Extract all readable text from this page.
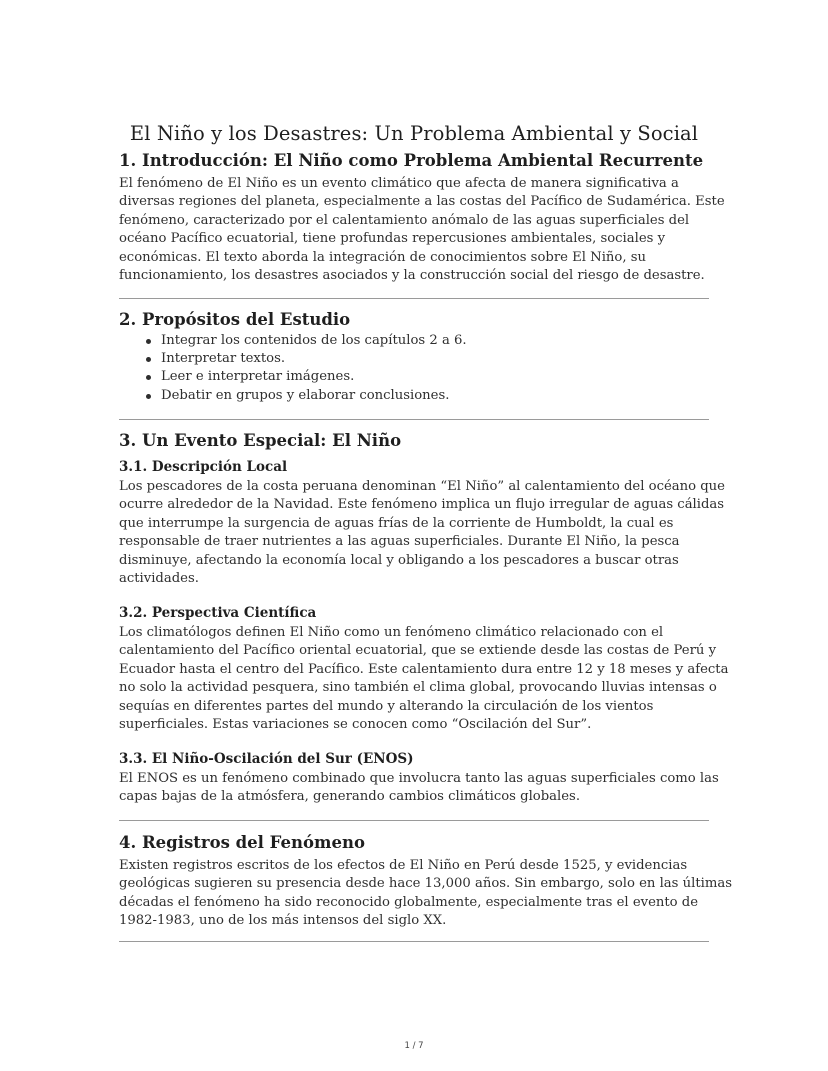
El Niño y los Desastres: Un Problema Ambiental y Social
1. Introducción: El Niño como Problema Ambiental Recurrente

El fenómeno de El Niño es un evento climático que afecta de manera significativa a

diversas regiones del planeta, especialmente a las costas del Pacífico de Sudamérica. Este

fenómeno, caracterizado por el calentamiento anómalo de las aguas superficiales del

océano Pacífico ecuatorial, tiene profundas repercusiones ambientales, sociales y

económicas. El texto aborda la integración de conocimientos sobre El Niño, su

funcionamiento, los desastres asociados y la construcción social del riesgo de desastre.

2. Propósitos del Estudio
Integrar los contenidos de los capítulos 2 a 6.
Interpretar textos.
Leer e interpretar imágenes.
Debatir en grupos y elaborar conclusiones.
3. Un Evento Especial: El Niño
3.1. Descripción Local

Los pescadores de la costa peruana denominan “El Niño” al calentamiento del océano que

ocurre alrededor de la Navidad. Este fenómeno implica un flujo irregular de aguas cálidas

que interrumpe la surgencia de aguas frías de la corriente de Humboldt, la cual es

responsable de traer nutrientes a las aguas superficiales. Durante El Niño, la pesca

disminuye, afectando la economía local y obligando a los pescadores a buscar otras

actividades.

3.2. Perspectiva Científica

Los climatólogos definen El Niño como un fenómeno climático relacionado con el

calentamiento del Pacífico oriental ecuatorial, que se extiende desde las costas de Perú y

Ecuador hasta el centro del Pacífico. Este calentamiento dura entre 12 y 18 meses y afecta

no solo la actividad pesquera, sino también el clima global, provocando lluvias intensas o

sequías en diferentes partes del mundo y alterando la circulación de los vientos

superficiales. Estas variaciones se conocen como “Oscilación del Sur”.

3.3. El Niño-Oscilación del Sur (ENOS)

El ENOS es un fenómeno combinado que involucra tanto las aguas superficiales como las

capas bajas de la atmósfera, generando cambios climáticos globales.

4. Registros del Fenómeno

Existen registros escritos de los efectos de El Niño en Perú desde 1525, y evidencias

geológicas sugieren su presencia desde hace 13,000 años. Sin embargo, solo en las últimas

décadas el fenómeno ha sido reconocido globalmente, especialmente tras el evento de

1982-1983, uno de los más intensos del siglo XX.

1 / 7
